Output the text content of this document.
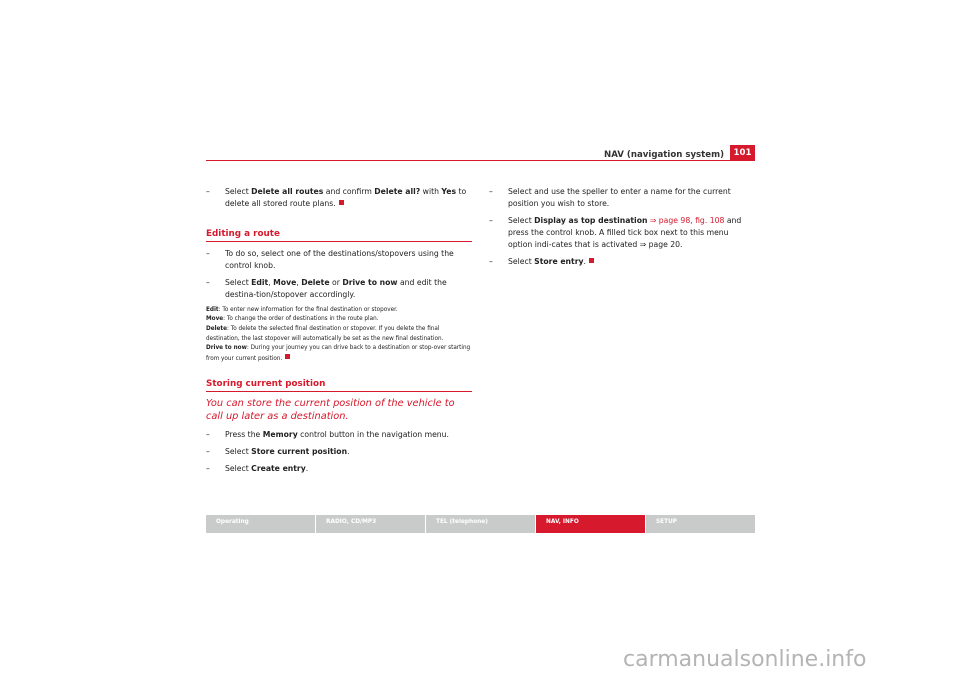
NAV (navigation system)	101
– Select Delete all routes and confirm Delete all? with Yes to delete all stored route plans.
Editing a route
– To do so, select one of the destinations/stopovers using the control knob.
– Select Edit, Move, Delete or Drive to now and edit the destina-tion/stopover accordingly.
Edit: To enter new information for the final destination or stopover.
Move: To change the order of destinations in the route plan.
Delete: To delete the selected final destination or stopover. If you delete the final destination, the last stopover will automatically be set as the new final destination.
Drive to now: During your journey you can drive back to a destination or stop-over starting from your current position.
Storing current position
You can store the current position of the vehicle to call up later as a destination.
– Press the Memory control button in the navigation menu.
– Select Store current position.
– Select Create entry.
– Select and use the speller to enter a name for the current position you wish to store.
– Select Display as top destination ⇒ page 98, fig. 108 and press the control knob. A filled tick box next to this menu option indi-cates that is activated ⇒ page 20.
– Select Store entry.
Operating	RADIO, CD/MP3	TEL (telephone)	NAV, INFO	SETUP
carmanualsonline.info
